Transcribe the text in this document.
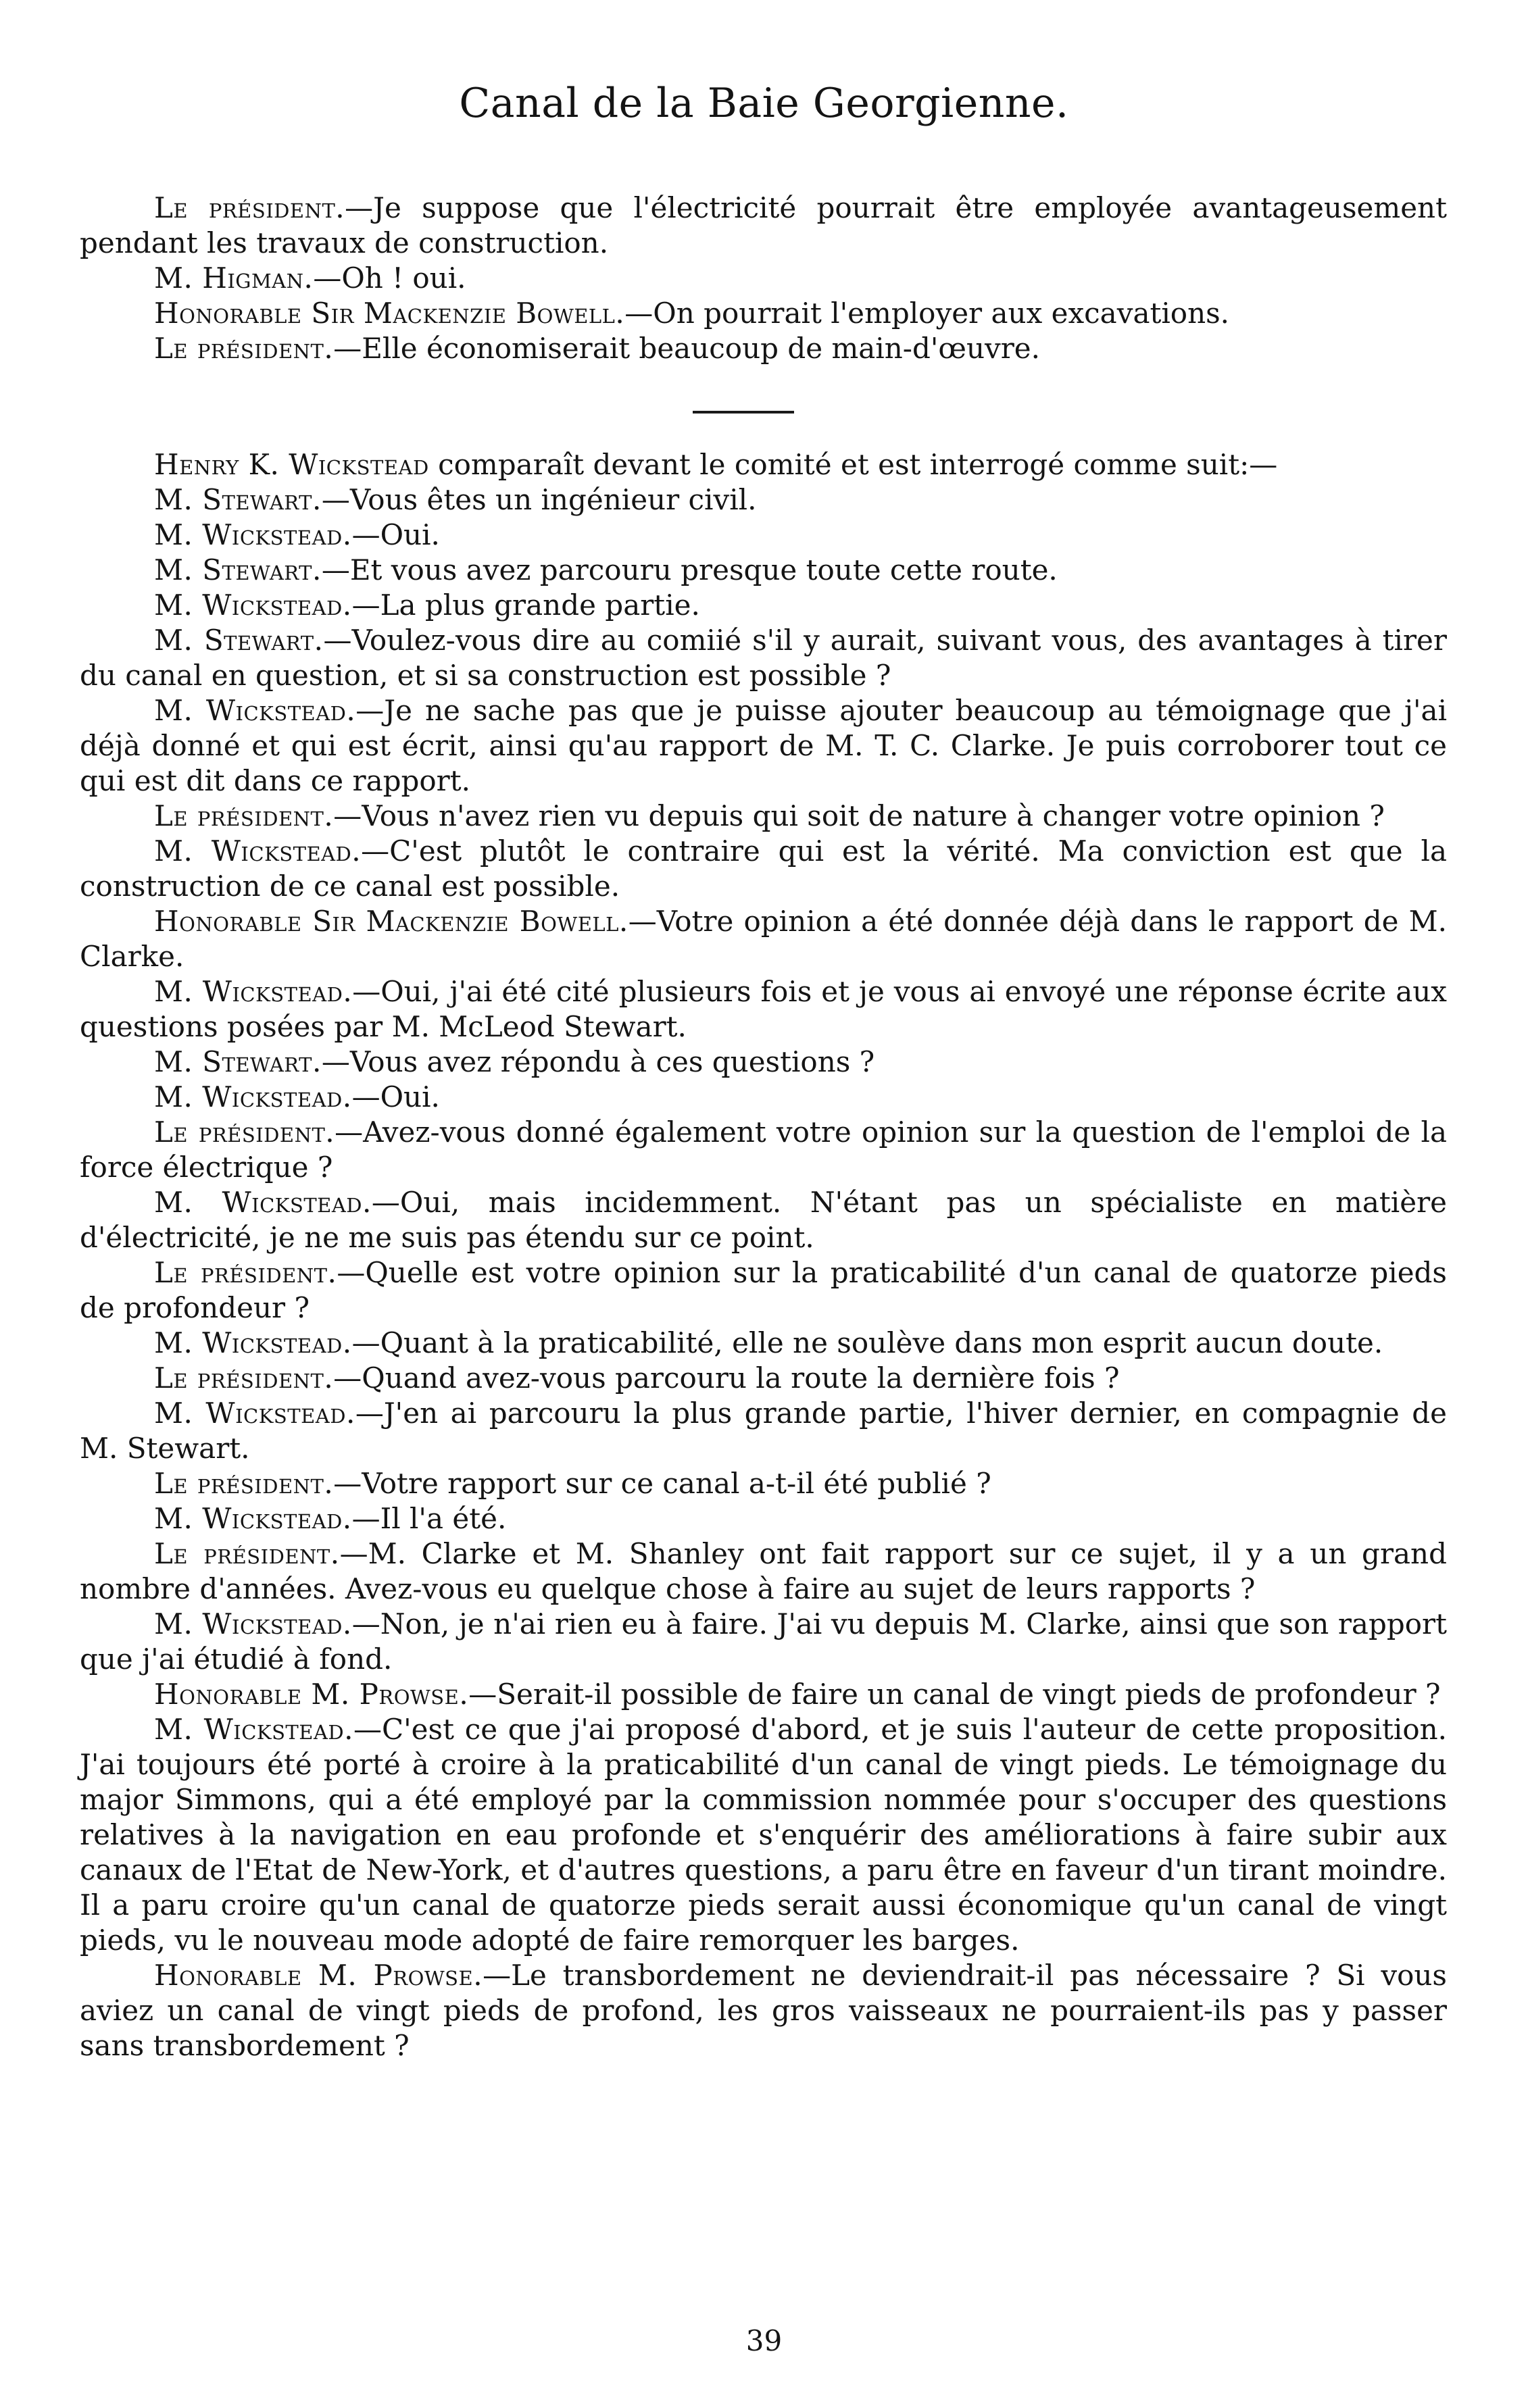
Canal de la Baie Georgienne.

Le président.—Je suppose que l'électricité pourrait être employée avantageusement pendant les travaux de construction.

M. Higman.—Oh ! oui.

Honorable Sir Mackenzie Bowell.—On pourrait l'employer aux excavations.

Le président.—Elle économiserait beaucoup de main-d'œuvre.

Henry K. Wickstead comparaît devant le comité et est interrogé comme suit:—

M. Stewart.—Vous êtes un ingénieur civil.

M. Wickstead.—Oui.

M. Stewart.—Et vous avez parcouru presque toute cette route.

M. Wickstead.—La plus grande partie.

M. Stewart.—Voulez-vous dire au comiié s'il y aurait, suivant vous, des avantages à tirer du canal en question, et si sa construction est possible ?

M. Wickstead.—Je ne sache pas que je puisse ajouter beaucoup au témoignage que j'ai déjà donné et qui est écrit, ainsi qu'au rapport de M. T. C. Clarke. Je puis corroborer tout ce qui est dit dans ce rapport.

Le président.—Vous n'avez rien vu depuis qui soit de nature à changer votre opinion ?

M. Wickstead.—C'est plutôt le contraire qui est la vérité. Ma conviction est que la construction de ce canal est possible.

Honorable Sir Mackenzie Bowell.—Votre opinion a été donnée déjà dans le rapport de M. Clarke.

M. Wickstead.—Oui, j'ai été cité plusieurs fois et je vous ai envoyé une réponse écrite aux questions posées par M. McLeod Stewart.

M. Stewart.—Vous avez répondu à ces questions ?

M. Wickstead.—Oui.

Le président.—Avez-vous donné également votre opinion sur la question de l'emploi de la force électrique ?

M. Wickstead.—Oui, mais incidemment. N'étant pas un spécialiste en matière d'électricité, je ne me suis pas étendu sur ce point.

Le président.—Quelle est votre opinion sur la praticabilité d'un canal de quatorze pieds de profondeur ?

M. Wickstead.—Quant à la praticabilité, elle ne soulève dans mon esprit aucun doute.

Le président.—Quand avez-vous parcouru la route la dernière fois ?

M. Wickstead.—J'en ai parcouru la plus grande partie, l'hiver dernier, en compagnie de M. Stewart.

Le président.—Votre rapport sur ce canal a-t-il été publié ?

M. Wickstead.—Il l'a été.

Le président.—M. Clarke et M. Shanley ont fait rapport sur ce sujet, il y a un grand nombre d'années. Avez-vous eu quelque chose à faire au sujet de leurs rapports ?

M. Wickstead.—Non, je n'ai rien eu à faire. J'ai vu depuis M. Clarke, ainsi que son rapport que j'ai étudié à fond.

Honorable M. Prowse.—Serait-il possible de faire un canal de vingt pieds de profondeur ?

M. Wickstead.—C'est ce que j'ai proposé d'abord, et je suis l'auteur de cette proposition. J'ai toujours été porté à croire à la praticabilité d'un canal de vingt pieds. Le témoignage du major Simmons, qui a été employé par la commission nommée pour s'occuper des questions relatives à la navigation en eau profonde et s'enquérir des améliorations à faire subir aux canaux de l'Etat de New-York, et d'autres questions, a paru être en faveur d'un tirant moindre. Il a paru croire qu'un canal de quatorze pieds serait aussi économique qu'un canal de vingt pieds, vu le nouveau mode adopté de faire remorquer les barges.

Honorable M. Prowse.—Le transbordement ne deviendrait-il pas nécessaire ? Si vous aviez un canal de vingt pieds de profond, les gros vaisseaux ne pourraient-ils pas y passer sans transbordement ?

39
